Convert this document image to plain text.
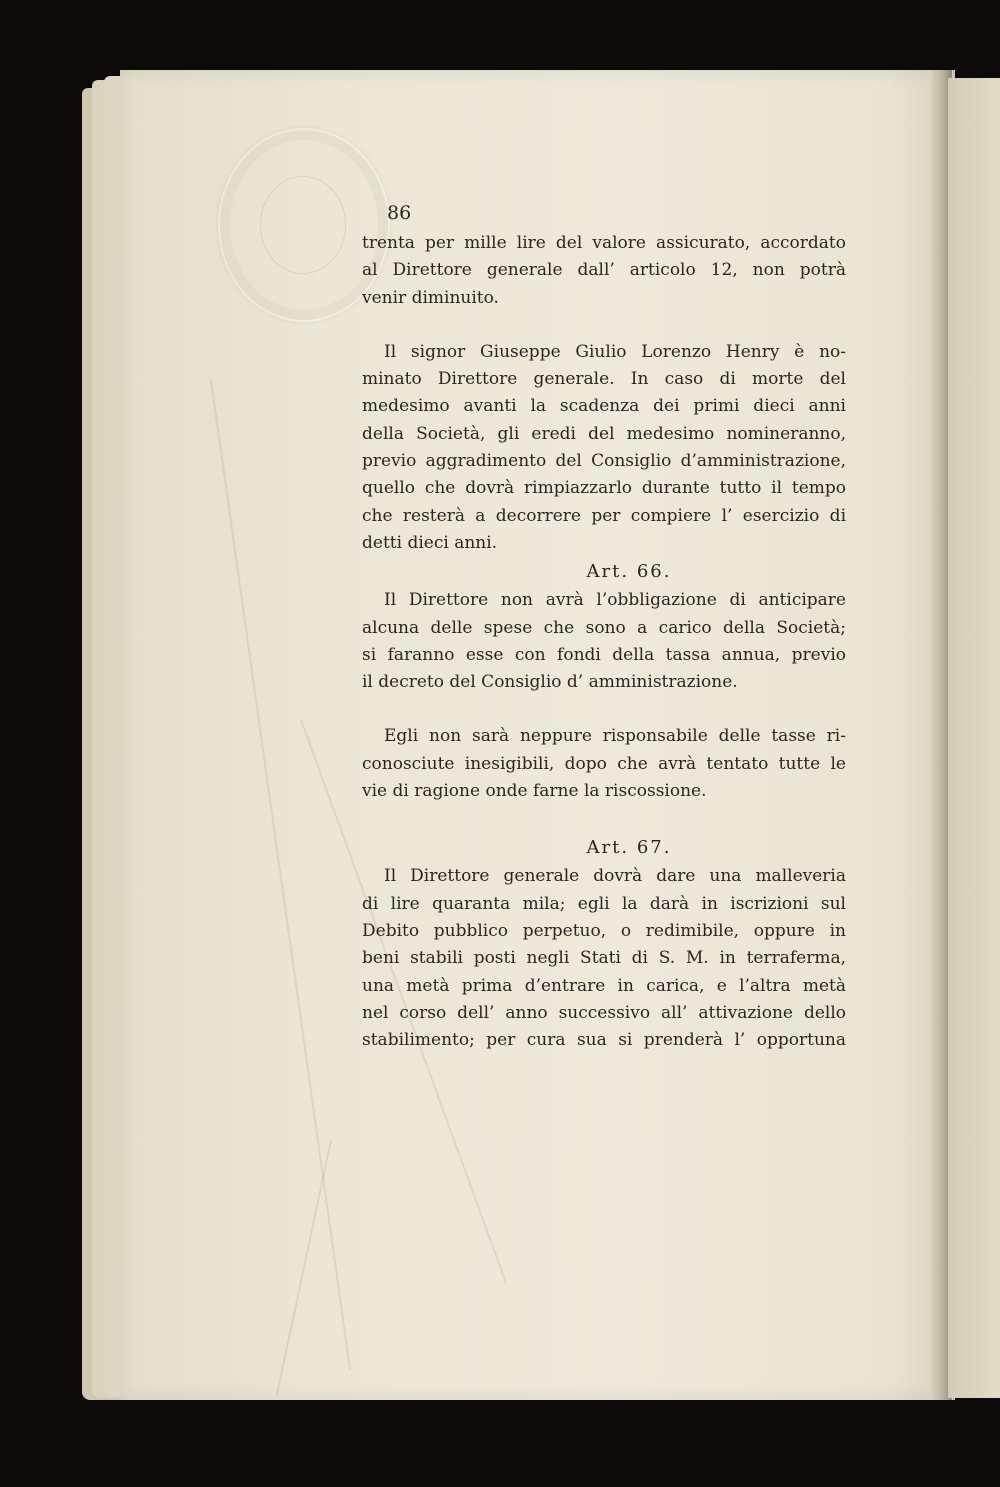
86
trenta per mille lire del valore assicurato, accordato
al Direttore generale dall’ articolo 12, non potrà
venir diminuito.
Il signor Giuseppe Giulio Lorenzo Henry è no-
minato Direttore generale. In caso di morte del
medesimo avanti la scadenza dei primi dieci anni
della Società, gli eredi del medesimo nomineranno,
previo aggradimento del Consiglio d’amministrazione,
quello che dovrà rimpiazzarlo durante tutto il tempo
che resterà a decorrere per compiere l’ esercizio di
detti dieci anni.
Art. 66.
Il Direttore non avrà l’obbligazione di anticipare
alcuna delle spese che sono a carico della Società;
si faranno esse con fondi della tassa annua, previo
il decreto del Consiglio d’ amministrazione.
Egli non sarà neppure risponsabile delle tasse ri-
conosciute inesigibili, dopo che avrà tentato tutte le
vie di ragione onde farne la riscossione.
Art. 67.
Il Direttore generale dovrà dare una malleveria
di lire quaranta mila; egli la darà in iscrizioni sul
Debito pubblico perpetuo, o redimibile, oppure in
beni stabili posti negli Stati di S. M. in terraferma,
una metà prima d’entrare in carica, e l’altra metà
nel corso dell’ anno successivo all’ attivazione dello
stabilimento; per cura sua si prenderà l’ opportuna
